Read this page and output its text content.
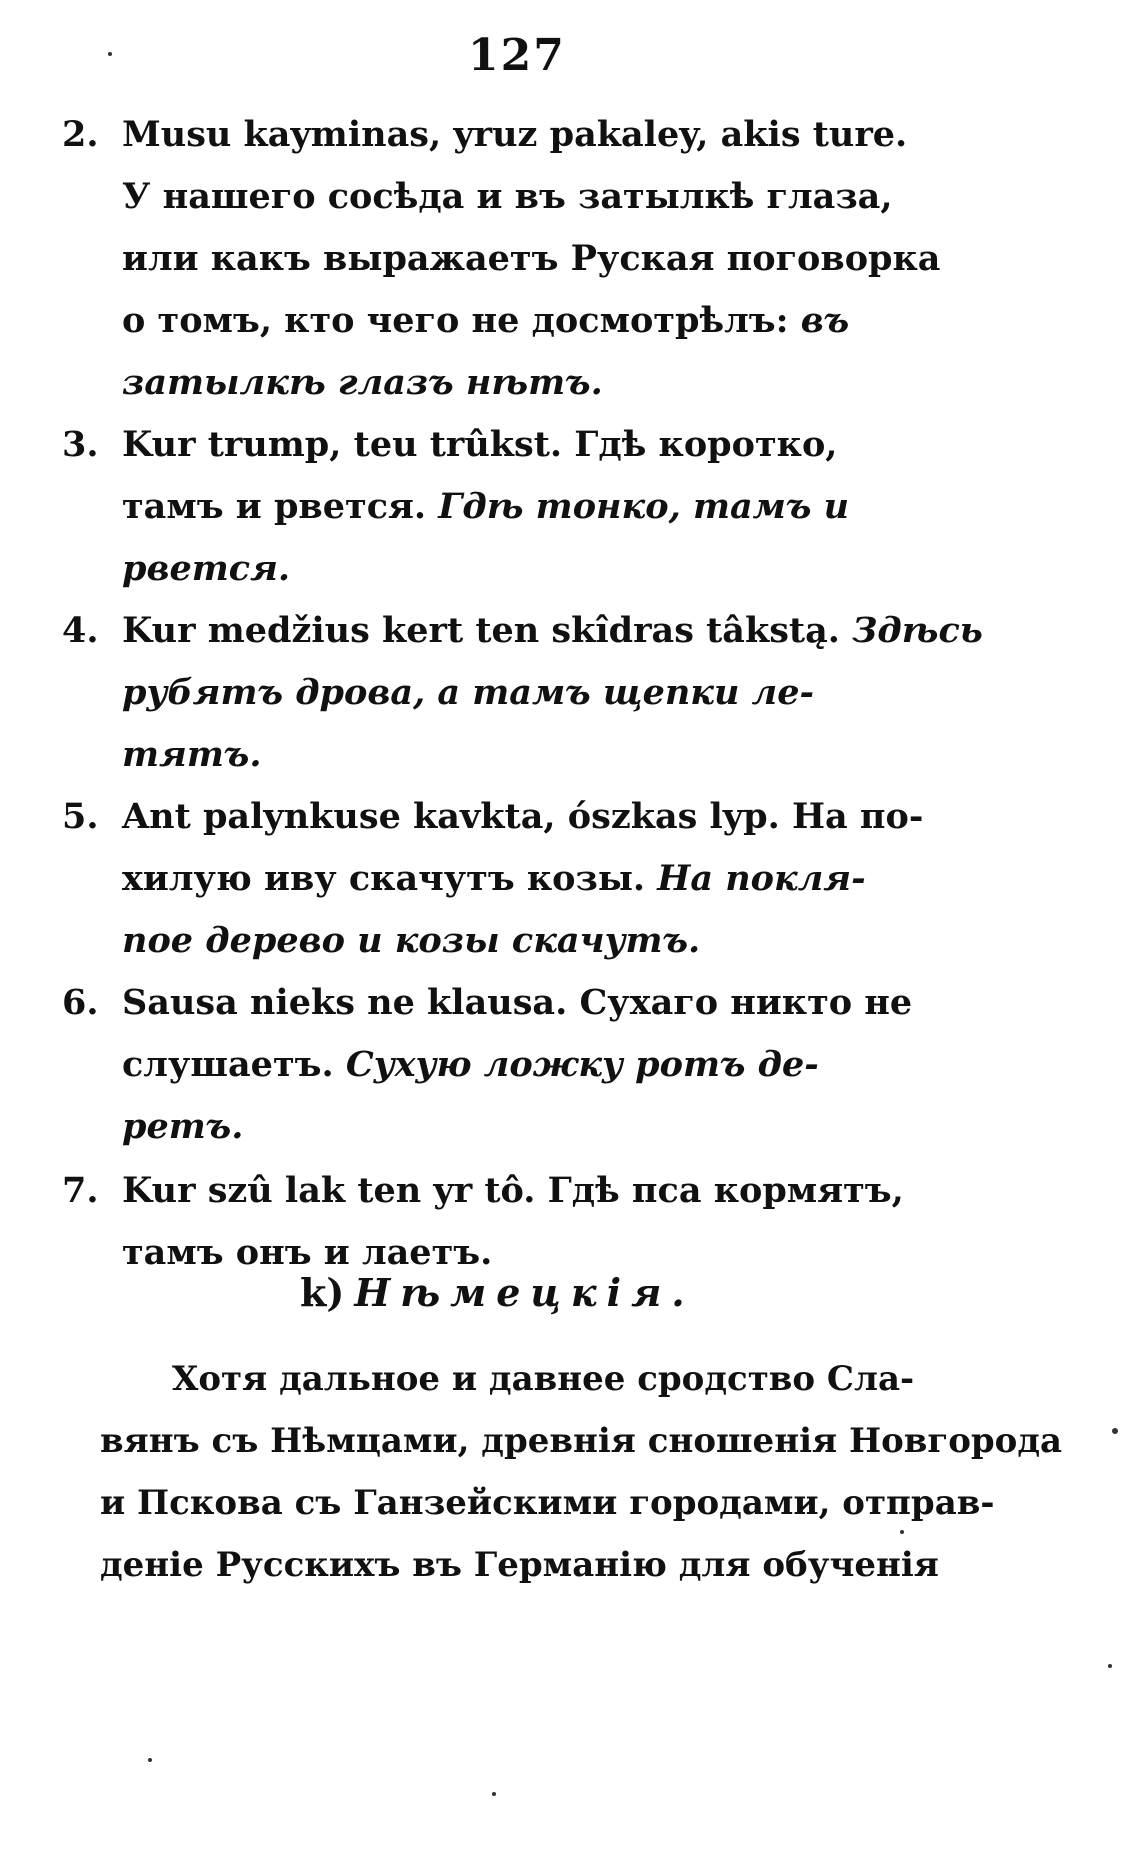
127
2. Musu kayminas, yruz pakaley, akis ture.
У нашего сосѣда и въ затылкѣ глаза,
или какъ выражаетъ Руская поговорка
о томъ, кто чего не досмотрѣлъ: въ
затылкѣ глазъ нѣтъ.
3. Kur trump, teu trûkst. Гдѣ коротко,
тамъ и рвется. Гдѣ тонко, тамъ и
рвется.
4. Kur medžius kert ten skîdras tâkstą. Здѣсь
рубятъ дрова, а тамъ щепки ле-
тятъ.
5. Ant palynkuse kavkta, ószkas lyp. На по-
хилую иву скачутъ козы. На покля-
пое дерево и козы скачутъ.
6. Sausa nieks ne klausa. Сухаго никто не
слушаетъ. Сухую ложку ротъ де-
ретъ.
7. Kur szû lak ten yr tô. Гдѣ пса кормятъ,
тамъ онъ и лаетъ.
k) Нѣмецкія.
Хотя дальное и давнее сродство Сла-
вянъ съ Нѣмцами, древнія сношенія Новгорода
и Пскова съ Ганзейскими городами, отправ-
деніе Русскихъ въ Германію для обученія
